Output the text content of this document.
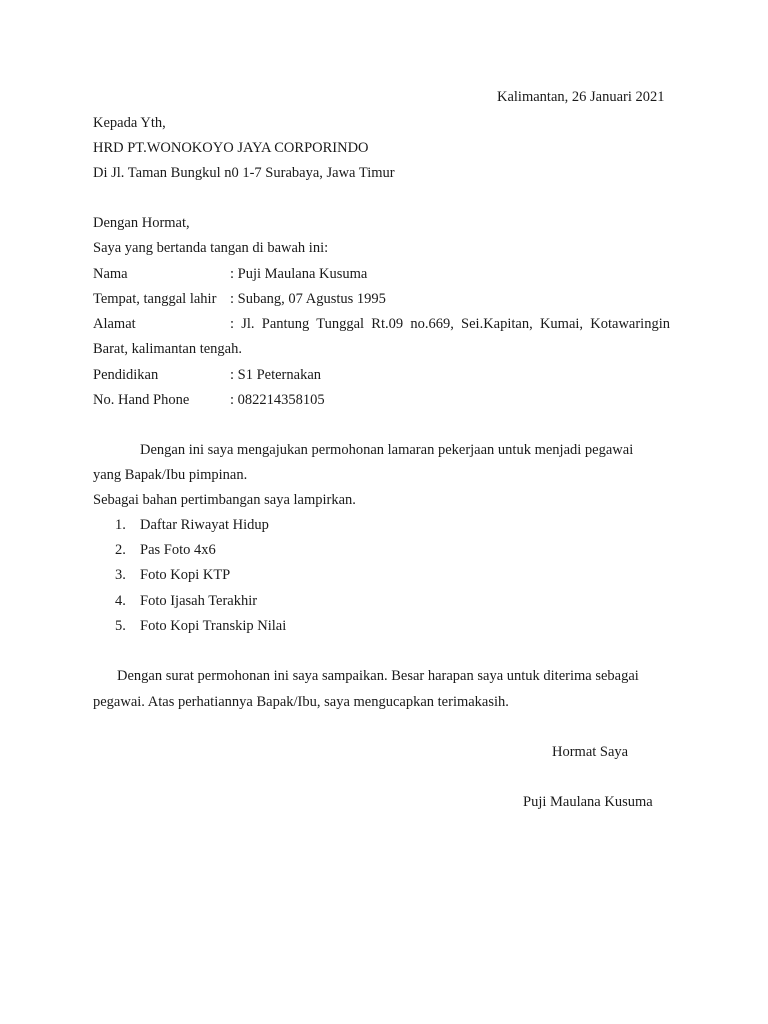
Kalimantan, 26 Januari 2021
Kepada Yth,
HRD PT.WONOKOYO JAYA CORPORINDO
Di Jl. Taman Bungkul n0 1-7 Surabaya, Jawa Timur
Dengan Hormat,
Saya yang bertanda tangan di bawah ini:
Nama	: Puji Maulana Kusuma
Tempat, tanggal lahir : Subang, 07 Agustus 1995
Alamat	: Jl. Pantung Tunggal Rt.09 no.669, Sei.Kapitan, Kumai, Kotawaringin
Barat, kalimantan tengah.
Pendidikan	: S1 Peternakan
No. Hand Phone	: 082214358105
Dengan ini saya mengajukan permohonan lamaran pekerjaan untuk menjadi pegawai
yang Bapak/Ibu pimpinan.
Sebagai bahan pertimbangan saya lampirkan.
1. Daftar Riwayat Hidup
2. Pas Foto 4x6
3. Foto Kopi KTP
4. Foto Ijasah Terakhir
5. Foto Kopi Transkip Nilai
Dengan surat permohonan ini saya sampaikan. Besar harapan saya untuk diterima sebagai
pegawai. Atas perhatiannya Bapak/Ibu, saya mengucapkan terimakasih.
Hormat Saya
Puji Maulana Kusuma
